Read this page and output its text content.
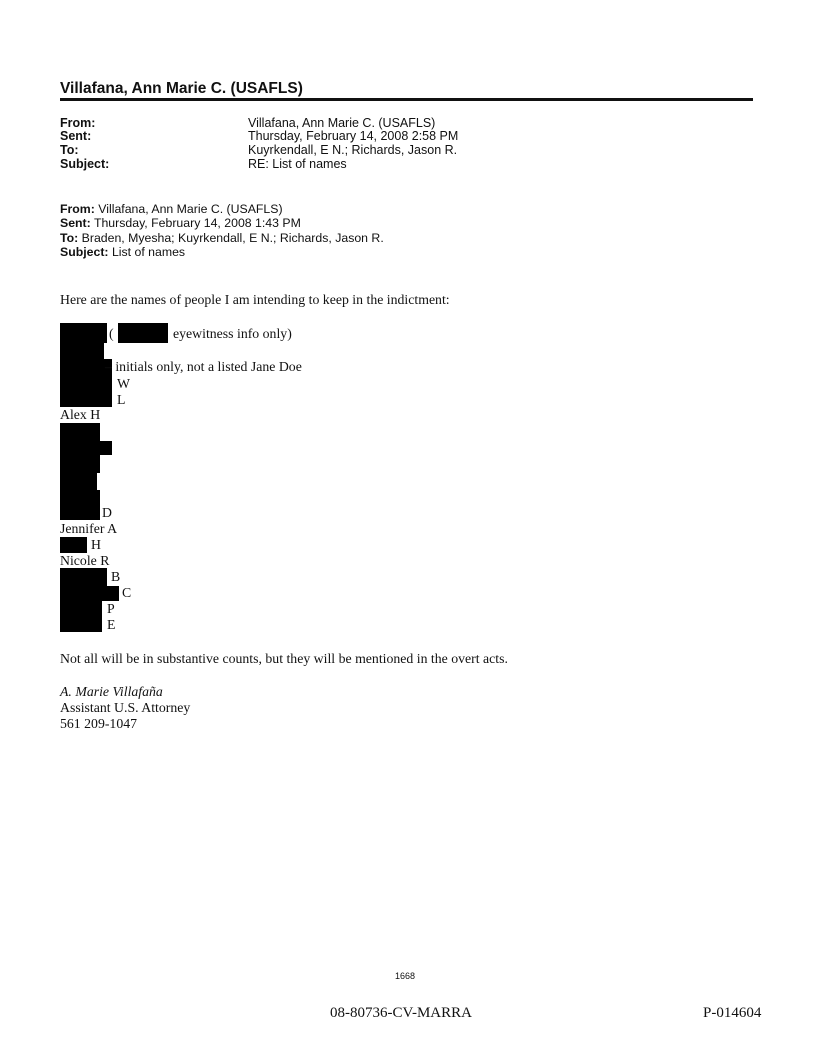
Villafana, Ann Marie C. (USAFLS)
From:	Villafana, Ann Marie C. (USAFLS)
Sent:	Thursday, February 14, 2008 2:58 PM
To:	Kuyrkendall, E N.; Richards, Jason R.
Subject:	RE: List of names
From: Villafana, Ann Marie C. (USAFLS)
Sent: Thursday, February 14, 2008 1:43 PM
To: Braden, Myesha; Kuyrkendall, E N.; Richards, Jason R.
Subject: List of names
Here are the names of people I am intending to keep in the indictment:
(	eyewitness info only)
– initials only, not a listed Jane Doe
W
L
Alex H
D
Jennifer A
H
Nicole R
B
C
P
E
Not all will be in substantive counts, but they will be mentioned in the overt acts.
A. Marie Villafaña
Assistant U.S. Attorney
561 209-1047
1668
08-80736-CV-MARRA	P-014604
